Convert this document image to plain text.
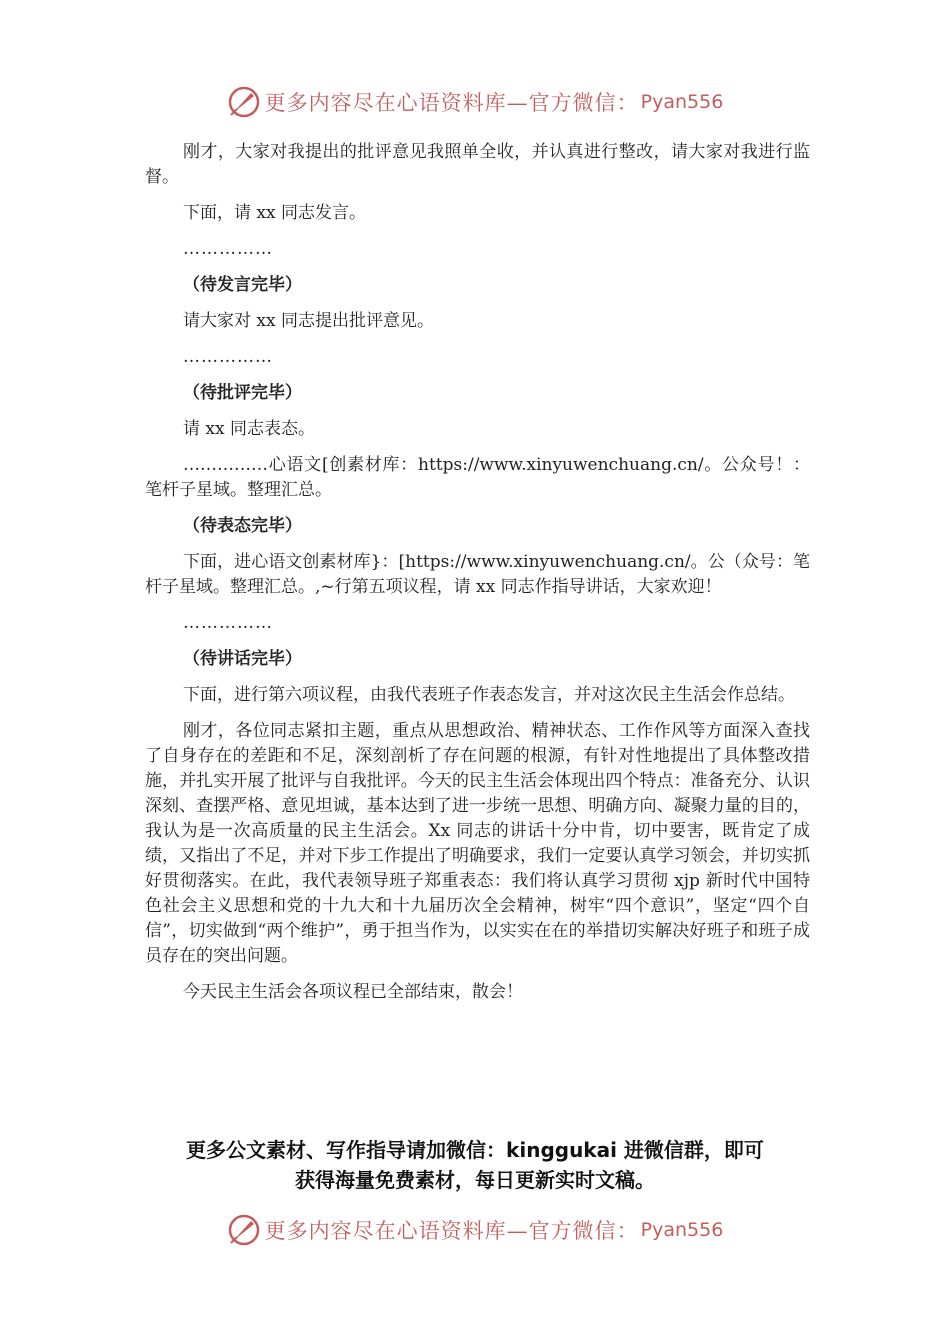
更多内容尽在心语资料库—官方微信： Pyan556

刚才，大家对我提出的批评意见我照单全收，并认真进行整改，请大家对我进行监督。

下面，请 xx 同志发言。

……………

（待发言完毕）

请大家对 xx 同志提出批评意见。

……………

（待批评完毕）

请 xx 同志表态。

……………心语文[创素材库：https://www.xinyuwenchuang.cn/。公众号！：笔杆子星域。整理汇总。

（待表态完毕）

下面，进心语文创素材库}：[https://www.xinyuwenchuang.cn/。公（众号：笔杆子星域。整理汇总。,~行第五项议程，请 xx 同志作指导讲话，大家欢迎！

……………

（待讲话完毕）

下面，进行第六项议程，由我代表班子作表态发言，并对这次民主生活会作总结。

刚才，各位同志紧扣主题，重点从思想政治、精神状态、工作作风等方面深入查找了自身存在的差距和不足，深刻剖析了存在问题的根源，有针对性地提出了具体整改措施，并扎实开展了批评与自我批评。今天的民主生活会体现出四个特点：准备充分、认识深刻、查摆严格、意见坦诚，基本达到了进一步统一思想、明确方向、凝聚力量的目的，我认为是一次高质量的民主生活会。Xx 同志的讲话十分中肯，切中要害，既肯定了成绩，又指出了不足，并对下步工作提出了明确要求，我们一定要认真学习领会，并切实抓好贯彻落实。在此，我代表领导班子郑重表态：我们将认真学习贯彻 xjp 新时代中国特色社会主义思想和党的十九大和十九届历次全会精神，树牢“四个意识”，坚定“四个自信”，切实做到“两个维护”，勇于担当作为，以实实在在的举措切实解决好班子和班子成员存在的突出问题。

今天民主生活会各项议程已全部结束，散会！

更多公文素材、写作指导请加微信：kinggukai 进微信群，即可
获得海量免费素材，每日更新实时文稿。
更多内容尽在心语资料库—官方微信： Pyan556
